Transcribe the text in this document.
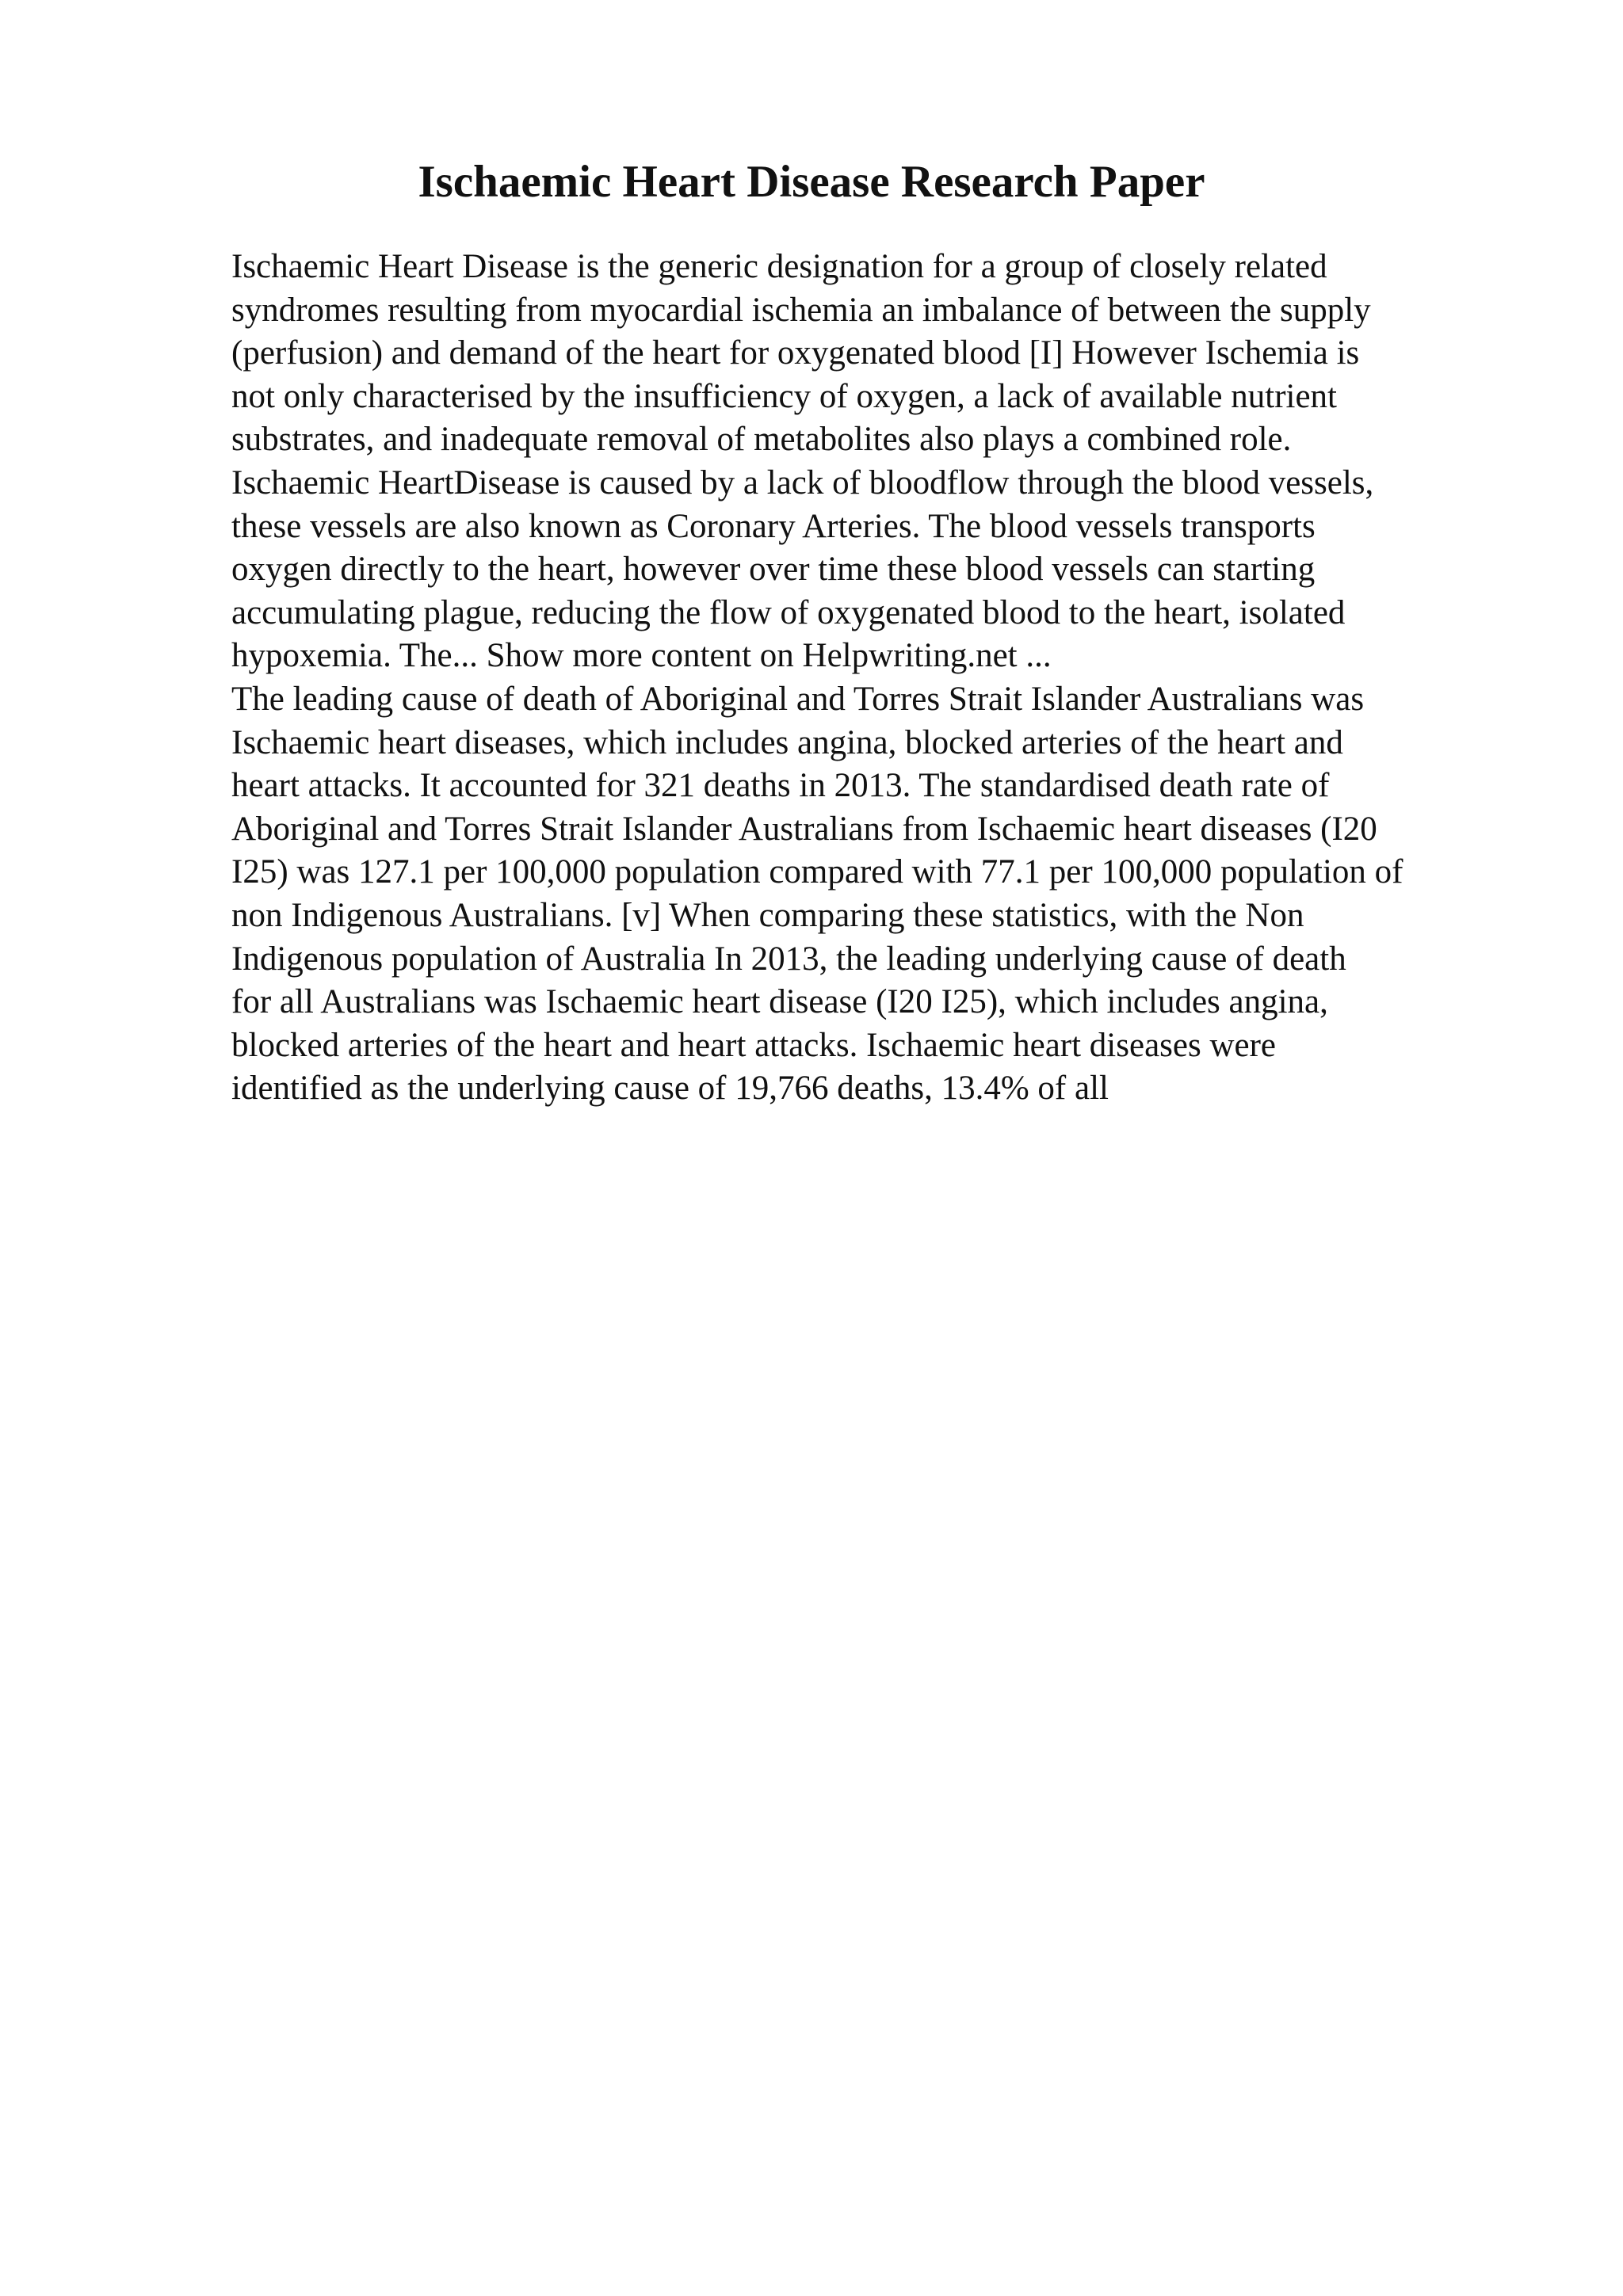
Ischaemic Heart Disease Research Paper
Ischaemic Heart Disease is the generic designation for a group of closely related
syndromes resulting from myocardial ischemia an imbalance of between the supply
(perfusion) and demand of the heart for oxygenated blood [I] However Ischemia is
not only characterised by the insufficiency of oxygen, a lack of available nutrient
substrates, and inadequate removal of metabolites also plays a combined role.
Ischaemic HeartDisease is caused by a lack of bloodflow through the blood vessels,
these vessels are also known as Coronary Arteries. The blood vessels transports
oxygen directly to the heart, however over time these blood vessels can starting
accumulating plague, reducing the flow of oxygenated blood to the heart, isolated
hypoxemia. The... Show more content on Helpwriting.net ...
The leading cause of death of Aboriginal and Torres Strait Islander Australians was
Ischaemic heart diseases, which includes angina, blocked arteries of the heart and
heart attacks. It accounted for 321 deaths in 2013. The standardised death rate of
Aboriginal and Torres Strait Islander Australians from Ischaemic heart diseases (I20
I25) was 127.1 per 100,000 population compared with 77.1 per 100,000 population of
non Indigenous Australians. [v] When comparing these statistics, with the Non
Indigenous population of Australia In 2013, the leading underlying cause of death
for all Australians was Ischaemic heart disease (I20 I25), which includes angina,
blocked arteries of the heart and heart attacks. Ischaemic heart diseases were
identified as the underlying cause of 19,766 deaths, 13.4% of all
